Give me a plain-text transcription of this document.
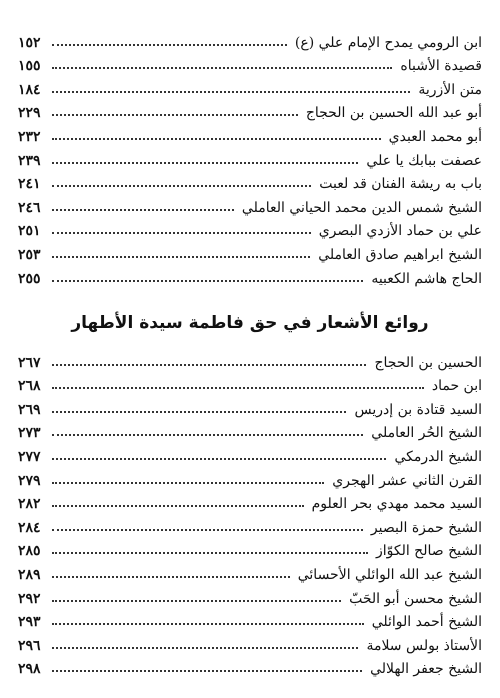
ابن الرومي يمدح الإمام علي (ع)
١٥٢
قصيدة الأشباه
١٥٥
متن الأزرية
١٨٤
أبو عبد الله الحسين بن الحجاج
٢٢٩
أبو محمد العبدي
٢٣٢
عصفت ببابك يا علي
٢٣٩
باب به ريشة الفنان قد لعبت
٢٤١
الشيخ شمس الدين محمد الحياني العاملي
٢٤٦
علي بن حماد الأزدي البصري
٢٥١
الشيخ ابراهيم صادق العاملي
٢٥٣
الحاج هاشم الكعبيه
٢٥٥
روائع الأشعار في حق فاطمة سيدة الأطهار
الحسين بن الحجاج
٢٦٧
ابن حماد
٢٦٨
السيد قتادة بن إدريس
٢٦٩
الشيخ الحُر العاملي
٢٧٣
الشيخ الدرمكي
٢٧٧
القرن الثاني عشر الهجري
٢٧٩
السيد محمد مهدي بحر العلوم
٢٨٢
الشيخ حمزة البصير
٢٨٤
الشيخ صالح الكوّاز
٢٨٥
الشيخ عبد الله الوائلي الأحسائي
٢٨٩
الشيخ محسن أبو الحَبّ
٢٩٢
الشيخ أحمد الوائلي
٢٩٣
الأستاذ بولس سلامة
٢٩٦
الشيخ جعفر الهلالي
٢٩٨
